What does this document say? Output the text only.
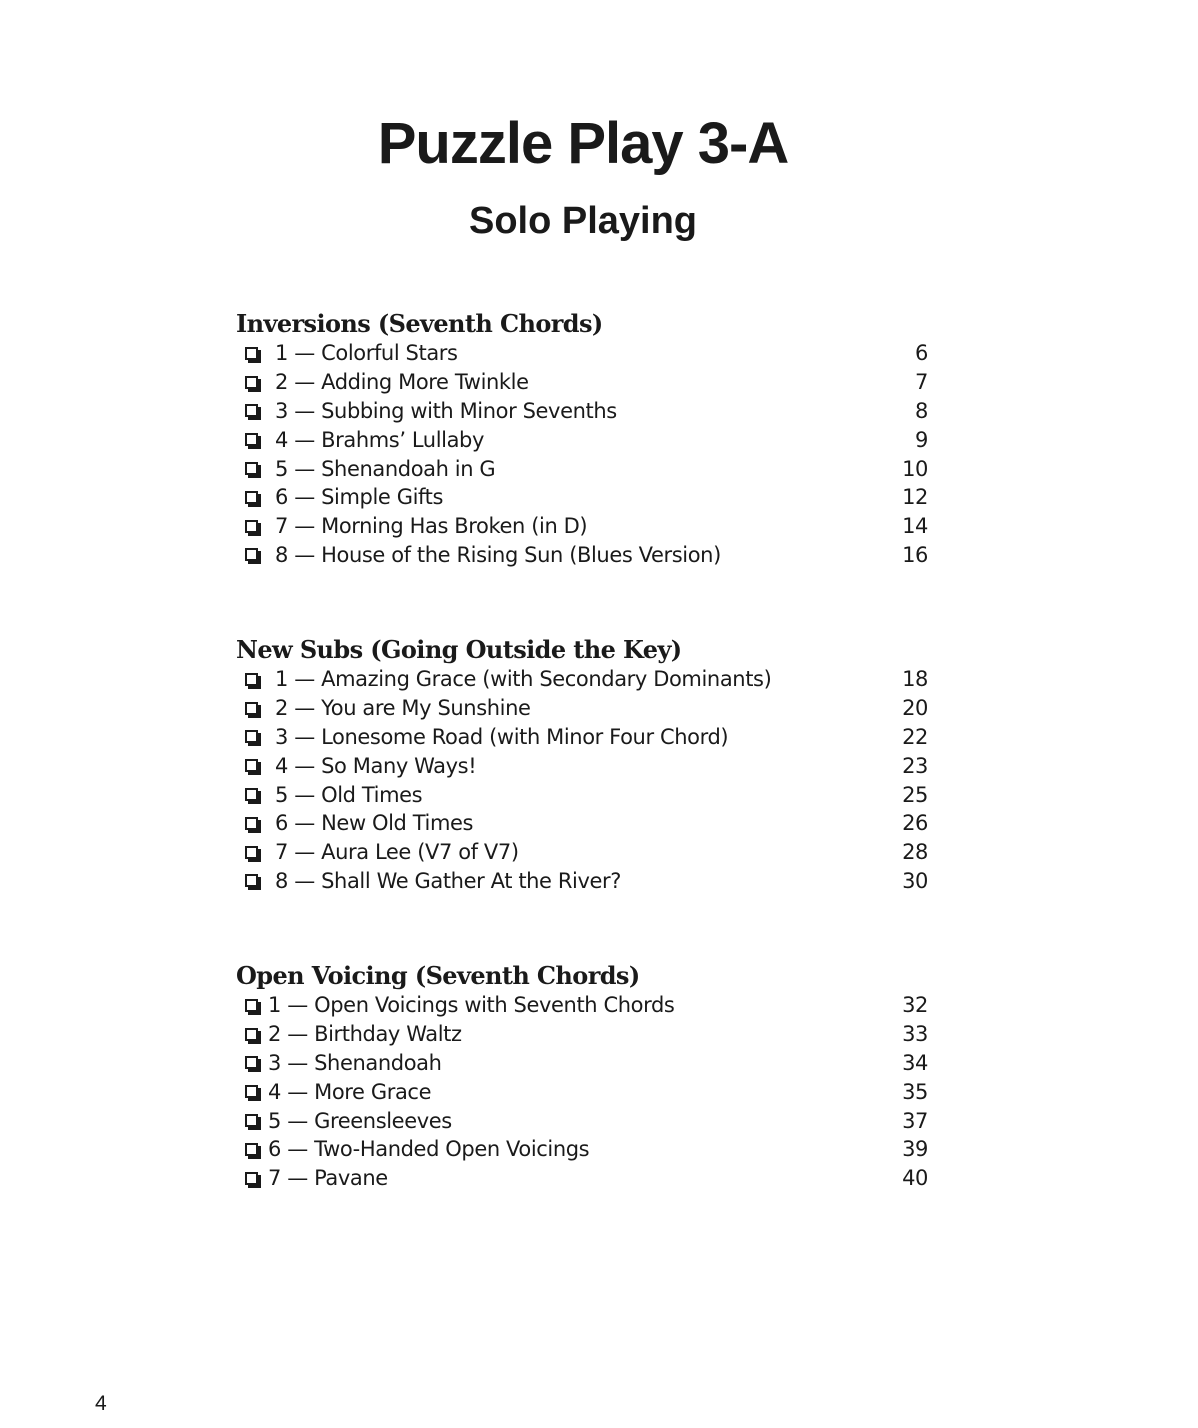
Puzzle Play 3-A
Solo Playing
Inversions (Seventh Chords)
1 — Colorful Stars	6
2 — Adding More Twinkle	7
3 — Subbing with Minor Sevenths	8
4 — Brahms’ Lullaby	9
5 — Shenandoah in G	10
6 — Simple Gifts	12
7 — Morning Has Broken (in D)	14
8 — House of the Rising Sun (Blues Version)	16
New Subs (Going Outside the Key)
1 — Amazing Grace (with Secondary Dominants)	18
2 — You are My Sunshine	20
3 — Lonesome Road (with Minor Four Chord)	22
4 — So Many Ways!	23
5 — Old Times	25
6 — New Old Times	26
7 — Aura Lee (V7 of V7)	28
8 — Shall We Gather At the River?	30
Open Voicing (Seventh Chords)
1 — Open Voicings with Seventh Chords	32
2 — Birthday Waltz	33
3 — Shenandoah	34
4 — More Grace	35
5 — Greensleeves	37
6 — Two-Handed Open Voicings	39
7 — Pavane	40
4
